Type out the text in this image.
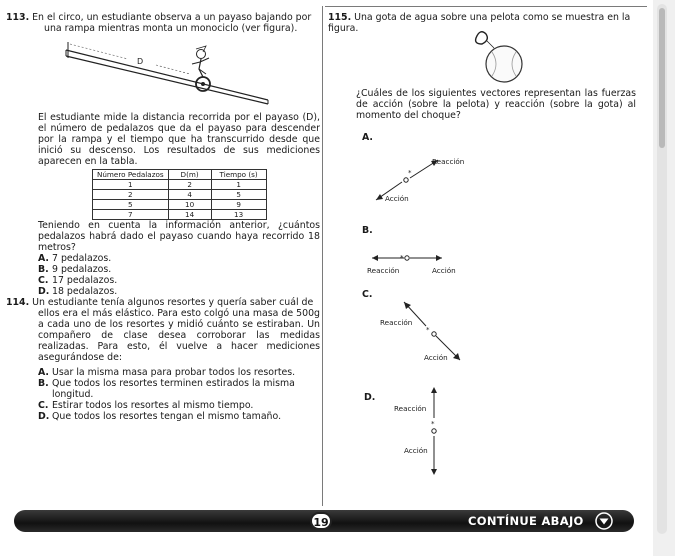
113. En el circo, un estudiante observa a un payaso bajando por

una rampa mientras monta un monociclo (ver figura).

D

El estudiante mide la distancia recorrida por el payaso (D), el número de pedalazos que da el payaso para descender por la rampa y el tiempo que ha transcurrido desde que inició su descenso. Los resultados de sus mediciones aparecen en la tabla.

Número Pedalazos	D(m)	Tiempo (s)
1	2	1
2	4	5
5	10	9
7	14	13

Teniendo en cuenta la información anterior, ¿cuántos pedalazos habrá dado el payaso cuando haya recorrido 18 metros?

A. 7 pedalazos.
B. 9 pedalazos.
C. 17 pedalazos.
D. 18 pedalazos.

114. Un estudiante tenía algunos resortes y quería saber cuál de

ellos era el más elástico. Para esto colgó una masa de 500g a cada uno de los resortes y midió cuánto se estiraban. Un compañero de clase desea corroborar las medidas realizadas. Para esto, él vuelve a hacer mediciones asegurándose de:

A. Usar la misma masa para probar todos los resortes.
B. Que todos los resortes terminen estirados la misma longitud.
C. Estirar todos los resortes al mismo tiempo.
D. Que todos los resortes tengan el mismo tamaño.

115. Una gota de agua sobre una pelota como se muestra en la figura.

¿Cuáles de los siguientes vectores representan las fuerzas de acción (sobre la pelota) y reacción (sobre la gota) al momento del choque?

A.
*
Reacción
Acción
B.
*
Reacción	Acción
C.
*
Reacción
Acción
D.
*
Reacción
Acción
19	CONTÍNUE ABAJO
